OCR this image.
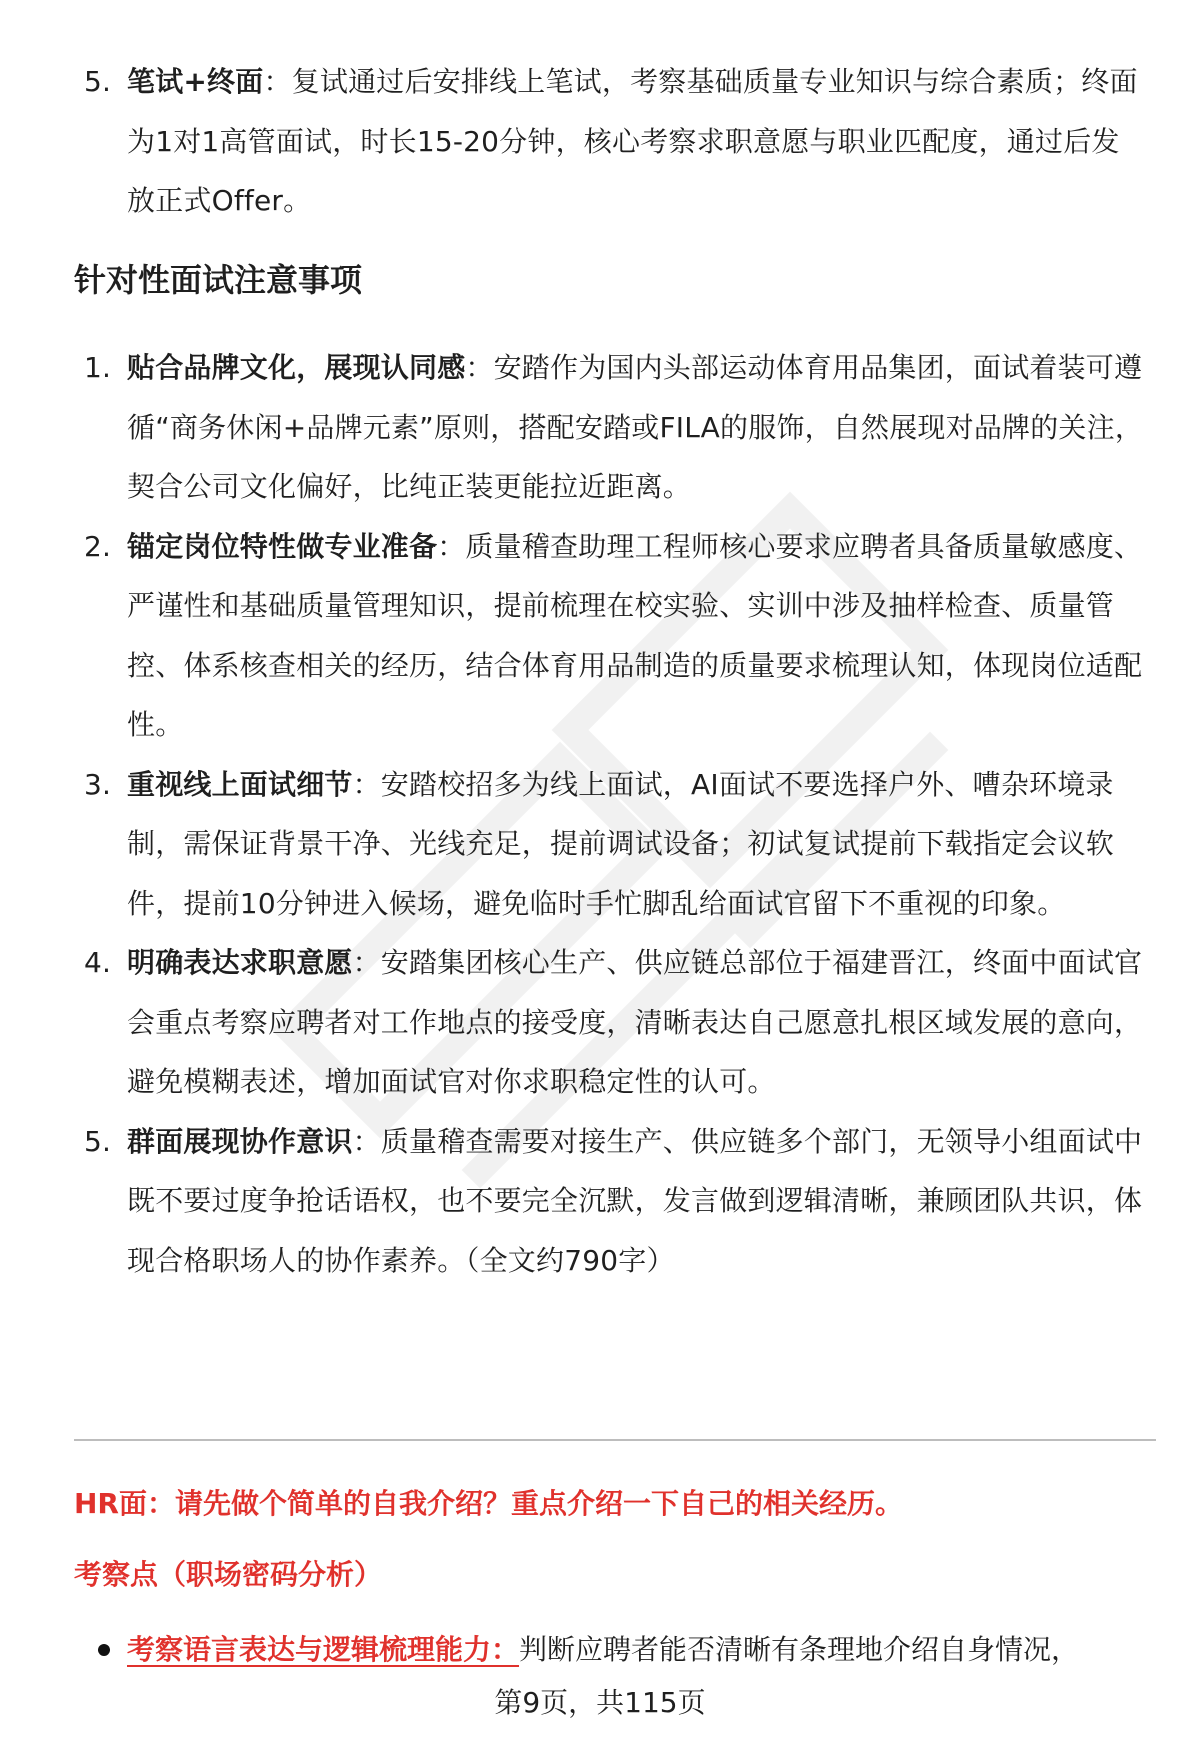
5. 笔试+终面：复试通过后安排线上笔试，考察基础质量专业知识与综合素质；终面为1对1高管面试，时长15-20分钟，核心考察求职意愿与职业匹配度，通过后发放正式Offer。
针对性面试注意事项
1. 贴合品牌文化，展现认同感：安踏作为国内头部运动体育用品集团，面试着装可遵循“商务休闲+品牌元素”原则，搭配安踏或FILA的服饰，自然展现对品牌的关注，契合公司文化偏好，比纯正装更能拉近距离。
2. 锚定岗位特性做专业准备：质量稽查助理工程师核心要求应聘者具备质量敏感度、严谨性和基础质量管理知识，提前梳理在校实验、实训中涉及抽样检查、质量管控、体系核查相关的经历，结合体育用品制造的质量要求梳理认知，体现岗位适配性。
3. 重视线上面试细节：安踏校招多为线上面试，AI面试不要选择户外、嘈杂环境录制，需保证背景干净、光线充足，提前调试设备；初试复试提前下载指定会议软件，提前10分钟进入候场，避免临时手忙脚乱给面试官留下不重视的印象。
4. 明确表达求职意愿：安踏集团核心生产、供应链总部位于福建晋江，终面中面试官会重点考察应聘者对工作地点的接受度，清晰表达自己愿意扎根区域发展的意向，避免模糊表述，增加面试官对你求职稳定性的认可。
5. 群面展现协作意识：质量稽查需要对接生产、供应链多个部门，无领导小组面试中既不要过度争抢话语权，也不要完全沉默，发言做到逻辑清晰，兼顾团队共识，体现合格职场人的协作素养。（全文约790字）
HR面：请先做个简单的自我介绍？重点介绍一下自己的相关经历。
考察点（职场密码分析）
考察语言表达与逻辑梳理能力：判断应聘者能否清晰有条理地介绍自身情况，
第9页，共115页
